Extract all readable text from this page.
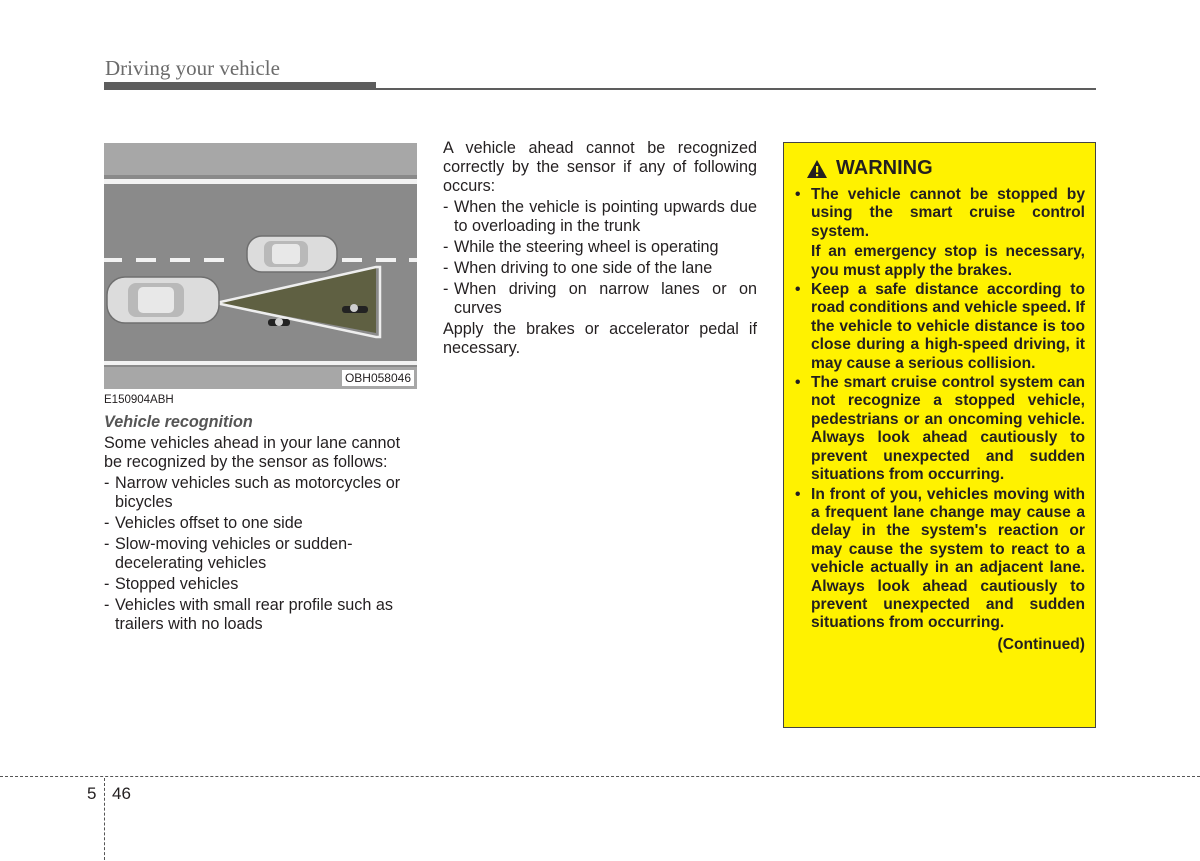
Driving your vehicle
OBH058046

E150904ABH

Vehicle recognition

Some vehicles ahead in your lane cannot be recognized by the sensor as follows:

- Narrow vehicles such as motorcycles or bicycles
- Vehicles offset to one side
- Slow-moving vehicles or sudden-decelerating vehicles
- Stopped vehicles
- Vehicles with small rear profile such as trailers with no loads

A vehicle ahead cannot be recognized correctly by the sensor if any of following occurs:

- When the vehicle is pointing upwards due to overloading in the trunk
- While the steering wheel is operating
- When driving to one side of the lane
- When driving on narrow lanes or on curves

Apply the brakes or accelerator pedal if necessary.

WARNING
• The vehicle cannot be stopped by using the smart cruise control system.
If an emergency stop is necessary, you must apply the brakes.
• Keep a safe distance according to road conditions and vehicle speed. If the vehicle to vehicle distance is too close during a high-speed driving, it may cause a serious collision.
• The smart cruise control system can not recognize a stopped vehicle, pedestrians or an oncoming vehicle. Always look ahead cautiously to prevent unexpected and sudden situations from occurring.
• In front of you, vehicles moving with a frequent lane change may cause a delay in the system's reaction or may cause the system to react to a vehicle actually in an adjacent lane. Always look ahead cautiously to prevent unexpected and sudden situations from occurring.
(Continued)
5 46
